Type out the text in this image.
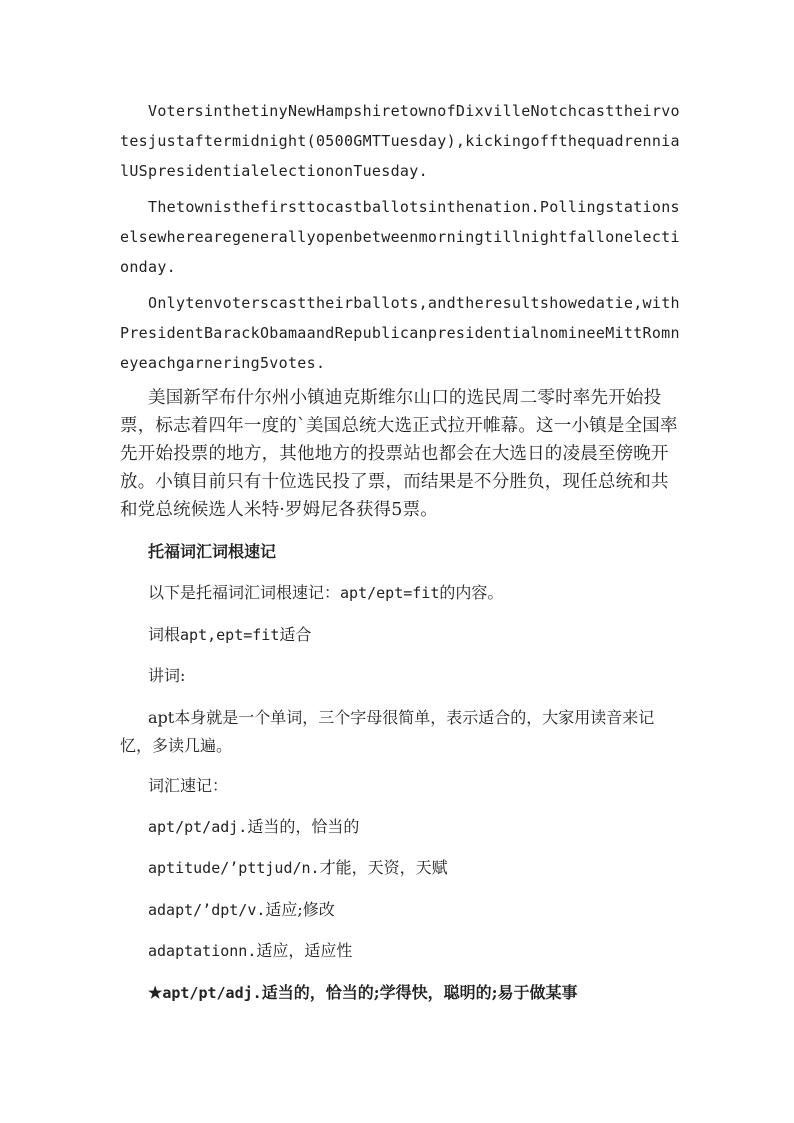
VotersinthetinyNewHampshiretownofDixvilleNotchcasttheirvotesjustaftermidnight(0500GMTTuesday),kickingoffthequadrennialUSpresidentialelectiononTuesday.

Thetownisthefirsttocastballotsinthenation.Pollingstationselsewherearegenerallyopenbetweenmorningtillnightfallonelectionday.

Onlytenvoterscasttheirballots,andtheresultshowedatie,withPresidentBarackObamaandRepublicanpresidentialnomineeMittRomneyeachgarnering5votes.

美国新罕布什尔州小镇迪克斯维尔山口的选民周二零时率先开始投票，标志着四年一度的`美国总统大选正式拉开帷幕。这一小镇是全国率先开始投票的地方，其他地方的投票站也都会在大选日的凌晨至傍晚开放。小镇目前只有十位选民投了票，而结果是不分胜负，现任总统和共和党总统候选人米特·罗姆尼各获得5票。

托福词汇词根速记

以下是托福词汇词根速记：apt/ept=fit的内容。

词根apt,ept=fit适合

讲词:

apt本身就是一个单词，三个字母很简单，表示适合的，大家用读音来记忆，多读几遍。

词汇速记：

apt/pt/adj.适当的，恰当的

aptitude/’pttjud/n.才能，天资，天赋

adapt/’dpt/v.适应;修改

adaptationn.适应，适应性

★apt/pt/adj.适当的，恰当的;学得快，聪明的;易于做某事
